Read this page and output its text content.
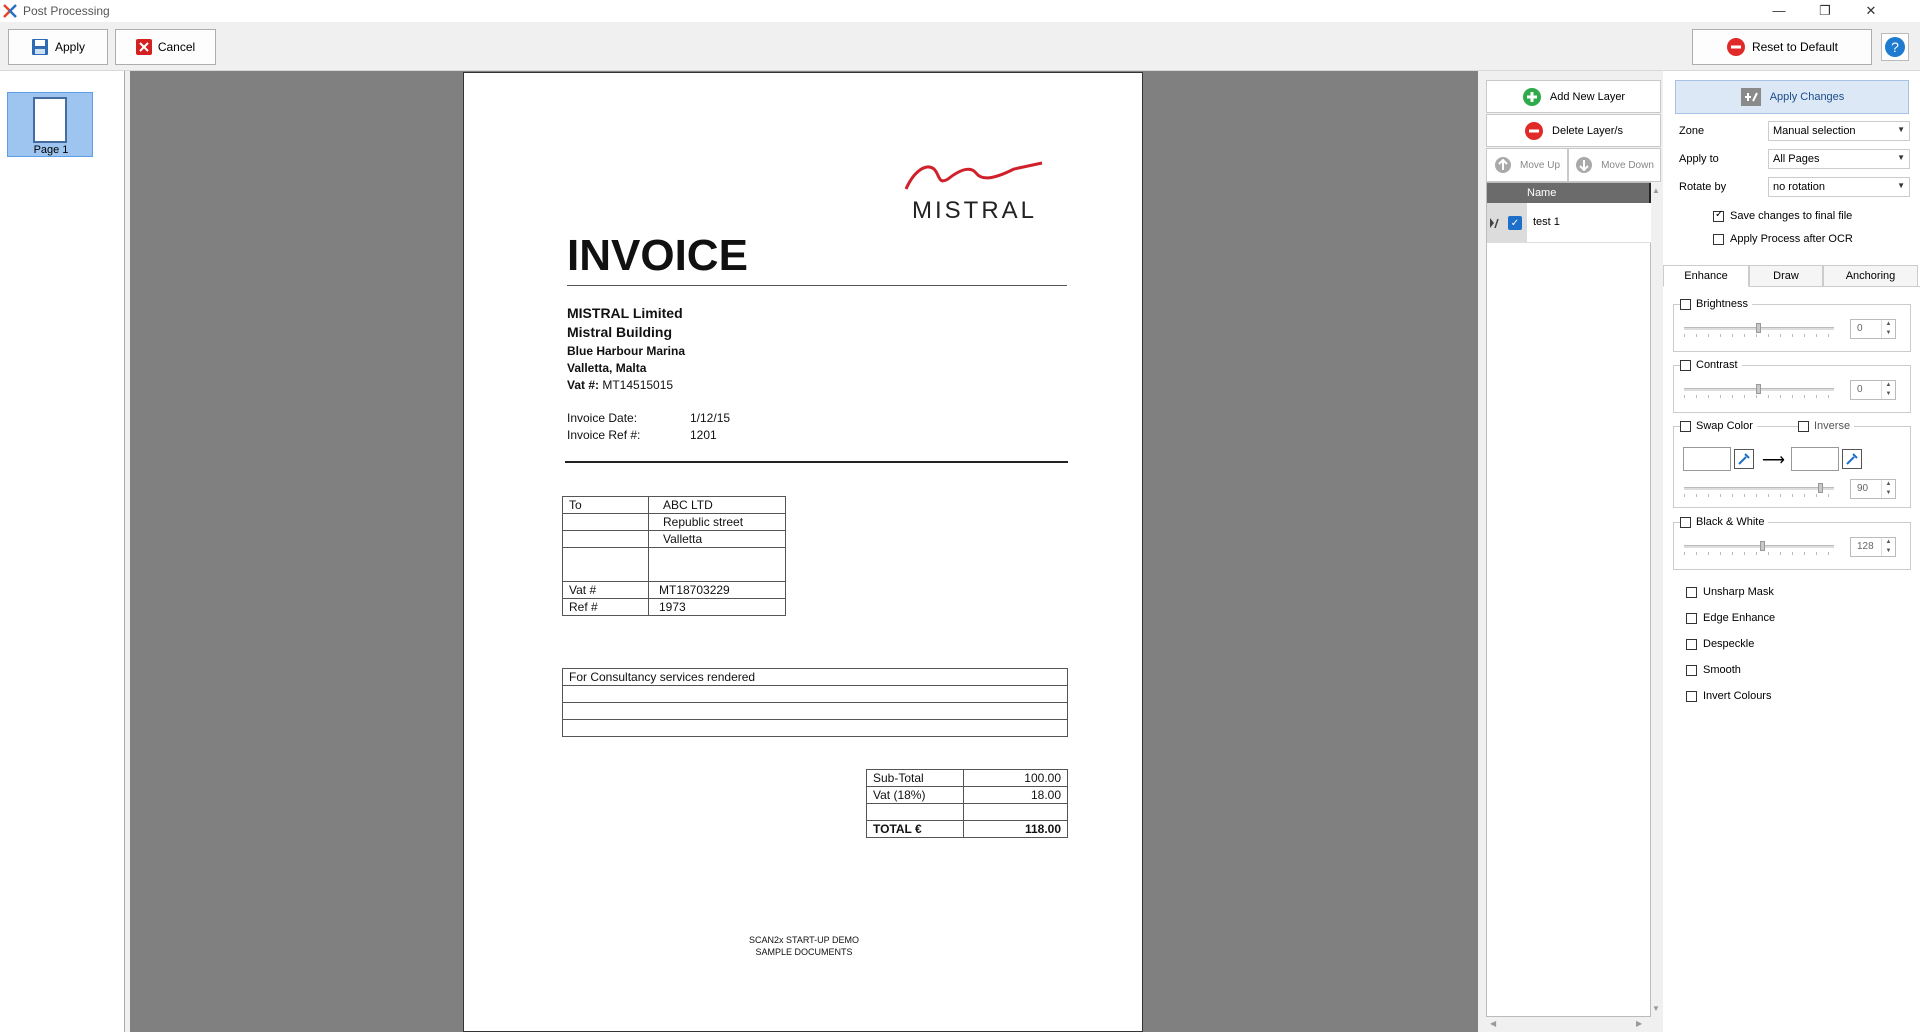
Post Processing	—	❐	✕
Apply	Cancel	Reset to Default	?
Page 1
MISTRAL
INVOICE
MISTRAL Limited
Mistral Building
Blue Harbour Marina
Valletta, Malta
Vat #: MT14515015
Invoice Date:	1/12/15
Invoice Ref #:	1201
To	ABC LTD
	Republic street
	Valletta

Vat #	MT18703229
Ref #	1973
For Consultancy services rendered

Sub-Total	100.00
Vat (18%)	18.00

TOTAL €	118.00
SCAN2x START-UP DEMO
SAMPLE DOCUMENTS
Add New Layer
Delete Layer/s
Move Up	Move Down
Name
✓ test 1
▲
▼
◀	▶
Apply Changes
Zone	Manual selection	▼
Apply to	All Pages	▼
Rotate by	no rotation	▼
✓
Save changes to final file
Apply Process after OCR
Enhance	Draw	Anchoring
Brightness
0	▲
▼
Contrast
0	▲
▼
Swap Color	Inverse
⟶
90	▲
▼
Black & White
128	▲
▼
Unsharp Mask
Edge Enhance
Despeckle
Smooth
Invert Colours
